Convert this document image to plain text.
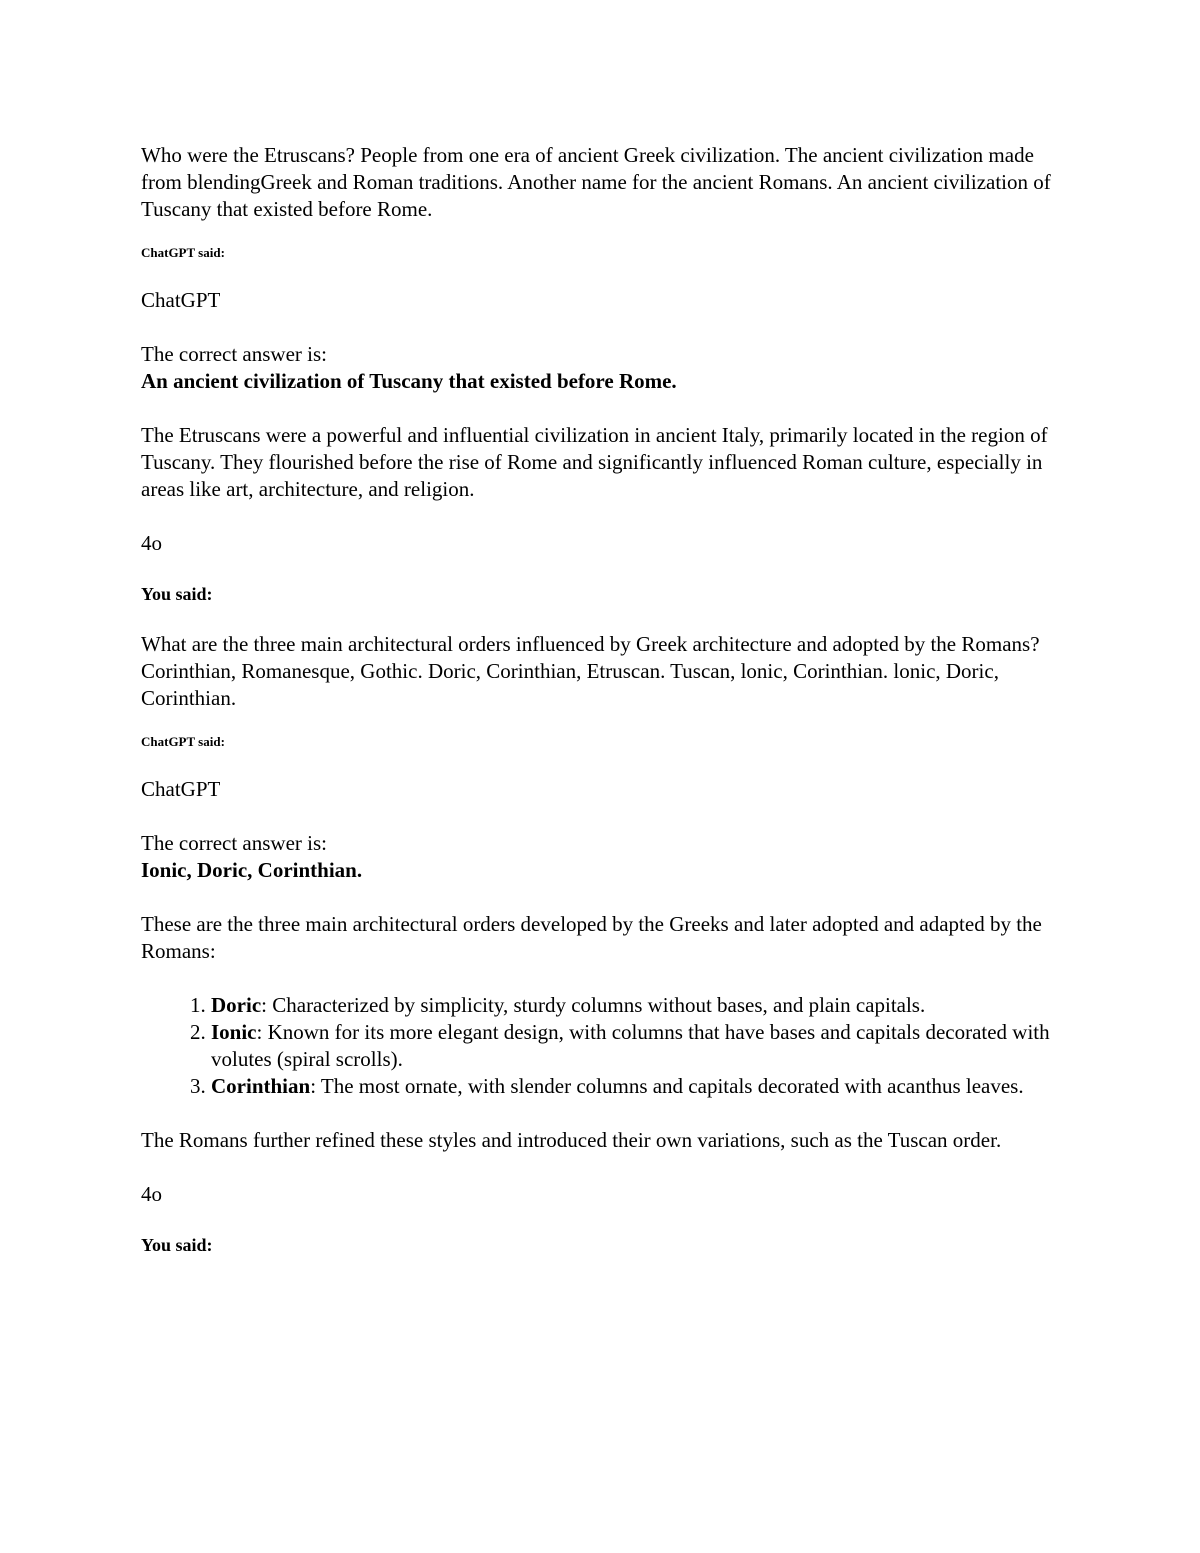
Who were the Etruscans? People from one era of ancient Greek civilization. The ancient civilization made from blendingGreek and Roman traditions. Another name for the ancient Romans. An ancient civilization of Tuscany that existed before Rome.

ChatGPT said:

ChatGPT

The correct answer is:

An ancient civilization of Tuscany that existed before Rome.

The Etruscans were a powerful and influential civilization in ancient Italy, primarily located in the region of Tuscany. They flourished before the rise of Rome and significantly influenced Roman culture, especially in areas like art, architecture, and religion.

4o

You said:

What are the three main architectural orders influenced by Greek architecture and adopted by the Romans? Corinthian, Romanesque, Gothic. Doric, Corinthian, Etruscan. Tuscan, lonic, Corinthian. lonic, Doric, Corinthian.

ChatGPT said:

ChatGPT

The correct answer is:

Ionic, Doric, Corinthian.

These are the three main architectural orders developed by the Greeks and later adopted and adapted by the Romans:

1. Doric: Characterized by simplicity, sturdy columns without bases, and plain capitals.
2. Ionic: Known for its more elegant design, with columns that have bases and capitals decorated with volutes (spiral scrolls).
3. Corinthian: The most ornate, with slender columns and capitals decorated with acanthus leaves.

The Romans further refined these styles and introduced their own variations, such as the Tuscan order.

4o

You said:
